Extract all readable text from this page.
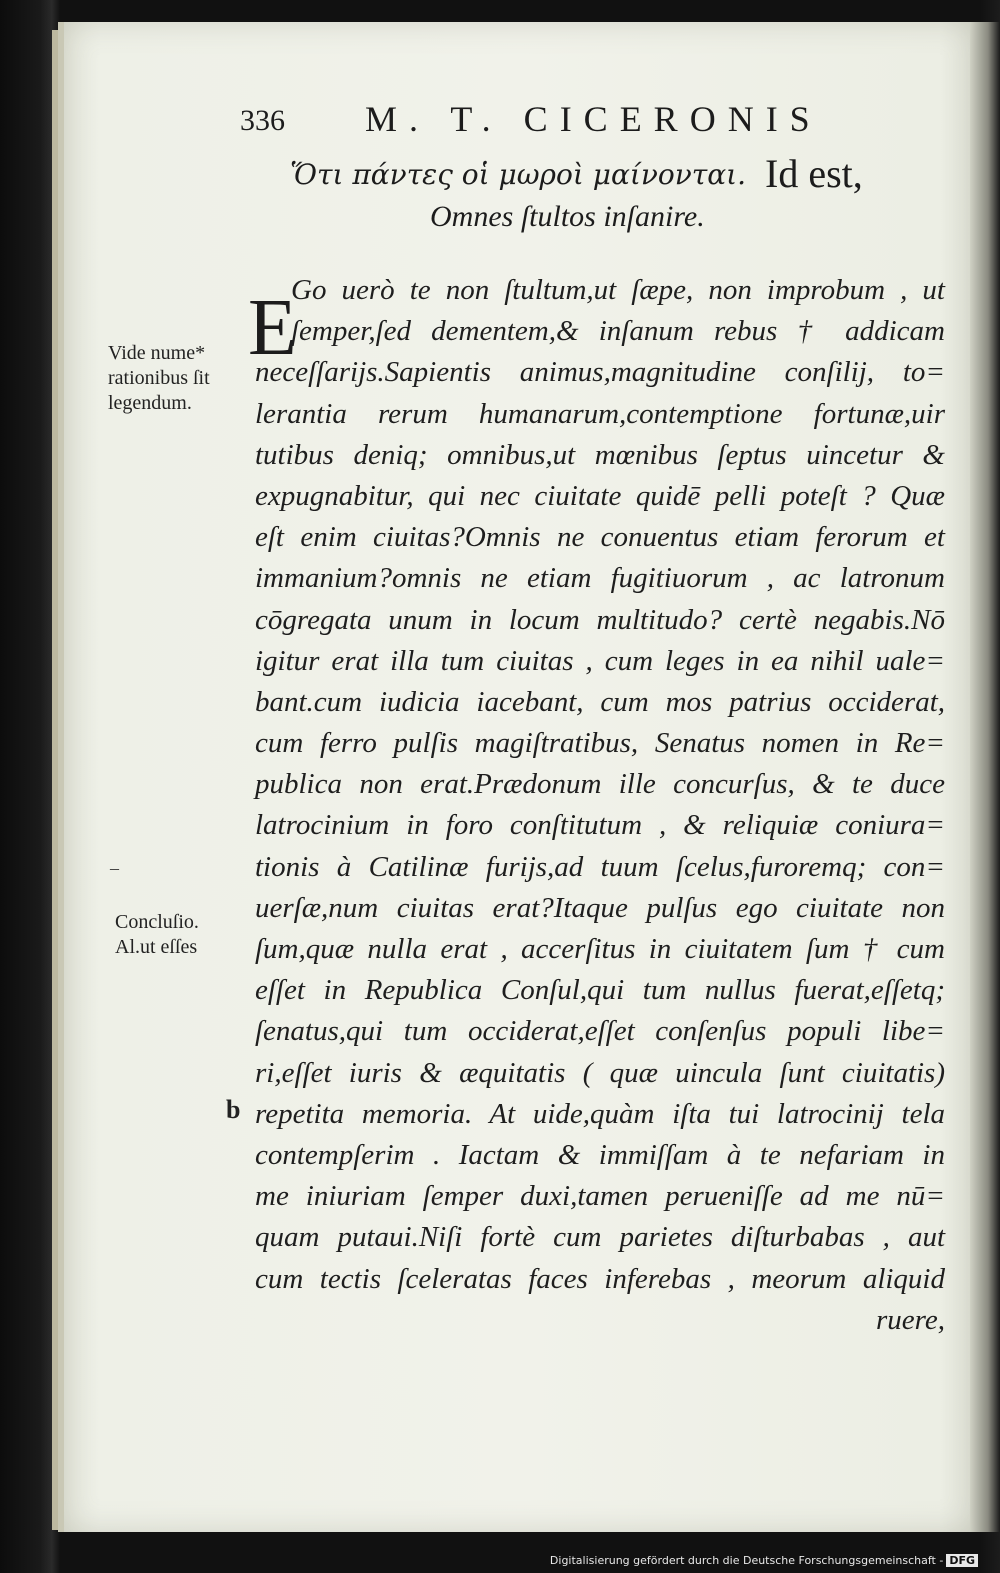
336 M. T. CICERONIS
Ὅτι πάντες οἱ μωροὶ μαίνονται. Id est,
Omnes ſtultos inſanire.
E
Go uerò te non ſtultum,ut ſæpe, non improbum , ut
ſemper,ſed dementem,& inſanum rebus † addicam
neceſſarijs.Sapientis animus,magnitudine conſilij, to=
lerantia rerum humanarum,contemptione fortunæ,uir
tutibus deniq; omnibus,ut mœnibus ſeptus uincetur &
expugnabitur, qui nec ciuitate quidē pelli poteſt ? Quæ
eſt enim ciuitas?Omnis ne conuentus etiam ferorum et
immanium?omnis ne etiam fugitiuorum , ac latronum
cōgregata unum in locum multitudo? certè negabis.Nō
igitur erat illa tum ciuitas , cum leges in ea nihil uale=
bant.cum iudicia iacebant, cum mos patrius occiderat,
cum ferro pulſis magiſtratibus, Senatus nomen in Re=
publica non erat.Prædonum ille concurſus, & te duce
latrocinium in foro conſtitutum , & reliquiæ coniura=
tionis à Catilinæ furijs,ad tuum ſcelus,furoremq; con=
uerſæ,num ciuitas erat?Itaque pulſus ego ciuitate non
ſum,quæ nulla erat , accerſitus in ciuitatem ſum † cum
eſſet in Republica Conſul,qui tum nullus fuerat,eſſetq;
ſenatus,qui tum occiderat,eſſet conſenſus populi libe=
ri,eſſet iuris & æquitatis ( quæ uincula ſunt ciuitatis)
repetita memoria. At uide,quàm iſta tui latrocinij tela
contempſerim . Iactam & immiſſam à te nefariam in
me iniuriam ſemper duxi,tamen perueniſſe ad me nū=
quam putaui.Niſi fortè cum parietes diſturbabas , aut
cum tectis ſceleratas faces inferebas , meorum aliquid
ruere,
Vide nume*
rationibus ſit
legendum.
–
Concluſio.
Al.ut eſſes
b
Digitalisierung gefördert durch die Deutsche Forschungsgemeinschaft - DFG
